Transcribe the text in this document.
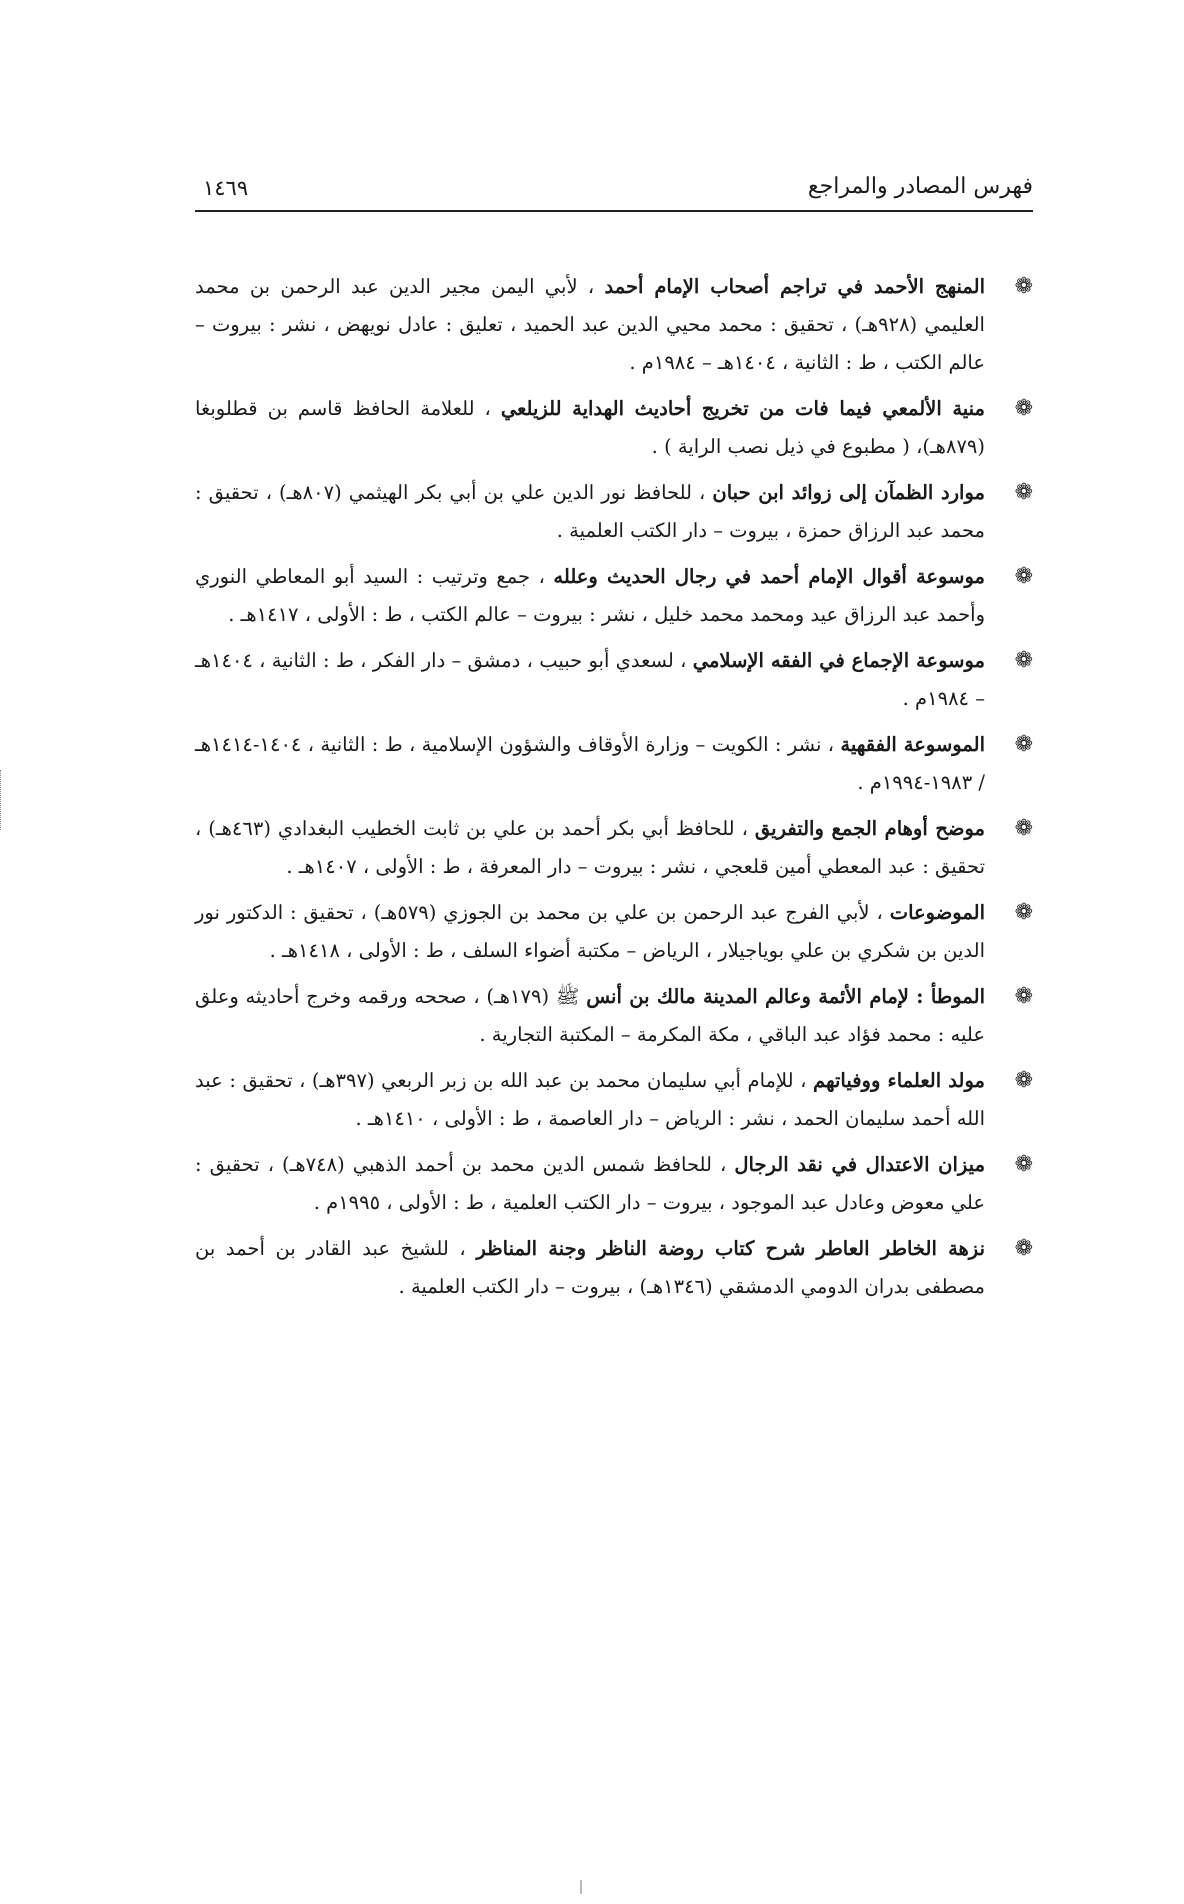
فهرس المصادر والمراجع
١٤٦٩
❁
المنهج الأحمد في تراجم أصحاب الإمام أحمد ، لأبي اليمن مجير الدين عبد الرحمن بن محمد العليمي (٩٢٨هـ) ، تحقيق : محمد محيي الدين عبد الحميد ، تعليق : عادل نويهض ، نشر : بيروت – عالم الكتب ، ط : الثانية ، ١٤٠٤هـ – ١٩٨٤م .
❁
منية الألمعي فيما فات من تخريج أحاديث الهداية للزيلعي ، للعلامة الحافظ قاسم بن قطلوبغا (٨٧٩هـ)، ( مطبوع في ذيل نصب الراية ) .
❁
موارد الظمآن إلى زوائد ابن حبان ، للحافظ نور الدين علي بن أبي بكر الهيثمي (٨٠٧هـ) ، تحقيق : محمد عبد الرزاق حمزة ، بيروت – دار الكتب العلمية .
❁
موسوعة أقوال الإمام أحمد في رجال الحديث وعلله ، جمع وترتيب : السيد أبو المعاطي النوري وأحمد عبد الرزاق عيد ومحمد محمد خليل ، نشر : بيروت – عالم الكتب ، ط : الأولى ، ١٤١٧هـ .
❁
موسوعة الإجماع في الفقه الإسلامي ، لسعدي أبو حبيب ، دمشق – دار الفكر ، ط : الثانية ، ١٤٠٤هـ – ١٩٨٤م .
❁
الموسوعة الفقهية ، نشر : الكويت – وزارة الأوقاف والشؤون الإسلامية ، ط : الثانية ، ١٤٠٤-١٤١٤هـ / ١٩٨٣-١٩٩٤م .
❁
موضح أوهام الجمع والتفريق ، للحافظ أبي بكر أحمد بن علي بن ثابت الخطيب البغدادي (٤٦٣هـ) ، تحقيق : عبد المعطي أمين قلعجي ، نشر : بيروت – دار المعرفة ، ط : الأولى ، ١٤٠٧هـ .
❁
الموضوعات ، لأبي الفرج عبد الرحمن بن علي بن محمد بن الجوزي (٥٧٩هـ) ، تحقيق : الدكتور نور الدين بن شكري بن علي بوياجيلار ، الرياض – مكتبة أضواء السلف ، ط : الأولى ، ١٤١٨هـ .
❁
الموطأ : لإمام الأئمة وعالم المدينة مالك بن أنس ﷺ (١٧٩هـ) ، صححه ورقمه وخرج أحاديثه وعلق عليه : محمد فؤاد عبد الباقي ، مكة المكرمة – المكتبة التجارية .
❁
مولد العلماء ووفياتهم ، للإمام أبي سليمان محمد بن عبد الله بن زبر الربعي (٣٩٧هـ) ، تحقيق : عبد الله أحمد سليمان الحمد ، نشر : الرياض – دار العاصمة ، ط : الأولى ، ١٤١٠هـ .
❁
ميزان الاعتدال في نقد الرجال ، للحافظ شمس الدين محمد بن أحمد الذهبي (٧٤٨هـ) ، تحقيق : علي معوض وعادل عبد الموجود ، بيروت – دار الكتب العلمية ، ط : الأولى ، ١٩٩٥م .
❁
نزهة الخاطر العاطر شرح كتاب روضة الناظر وجنة المناظر ، للشيخ عبد القادر بن أحمد بن مصطفى بدران الدومي الدمشقي (١٣٤٦هـ) ، بيروت – دار الكتب العلمية .
